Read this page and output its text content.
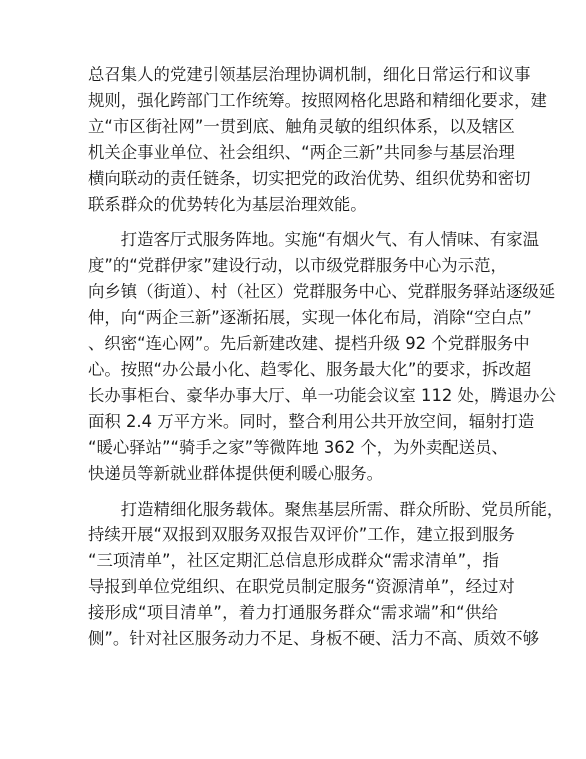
总召集人的党建引领基层治理协调机制，细化日常运行和议事
规则，强化跨部门工作统筹。按照网格化思路和精细化要求，建
立“市区街社网”一贯到底、触角灵敏的组织体系，以及辖区
机关企事业单位、社会组织、“两企三新”共同参与基层治理
横向联动的责任链条，切实把党的政治优势、组织优势和密切
联系群众的优势转化为基层治理效能。
　　打造客厅式服务阵地。实施“有烟火气、有人情味、有家温
度”的“党群伊家”建设行动，以市级党群服务中心为示范，
向乡镇（街道）、村（社区）党群服务中心、党群服务驿站逐级延
伸，向“两企三新”逐渐拓展，实现一体化布局，消除“空白点”
、织密“连心网”。先后新建改建、提档升级 92 个党群服务中
心。按照“办公最小化、趋零化、服务最大化”的要求，拆改超
长办事柜台、豪华办事大厅、单一功能会议室 112 处，腾退办公
面积 2.4 万平方米。同时，整合利用公共开放空间，辐射打造
“暖心驿站”“骑手之家”等微阵地 362 个，为外卖配送员、
快递员等新就业群体提供便利暖心服务。
　　打造精细化服务载体。聚焦基层所需、群众所盼、党员所能，
持续开展“双报到双服务双报告双评价”工作，建立报到服务
“三项清单”，社区定期汇总信息形成群众“需求清单”，指
导报到单位党组织、在职党员制定服务“资源清单”，经过对
接形成“项目清单”，着力打通服务群众“需求端”和“供给
侧”。针对社区服务动力不足、身板不硬、活力不高、质效不够
